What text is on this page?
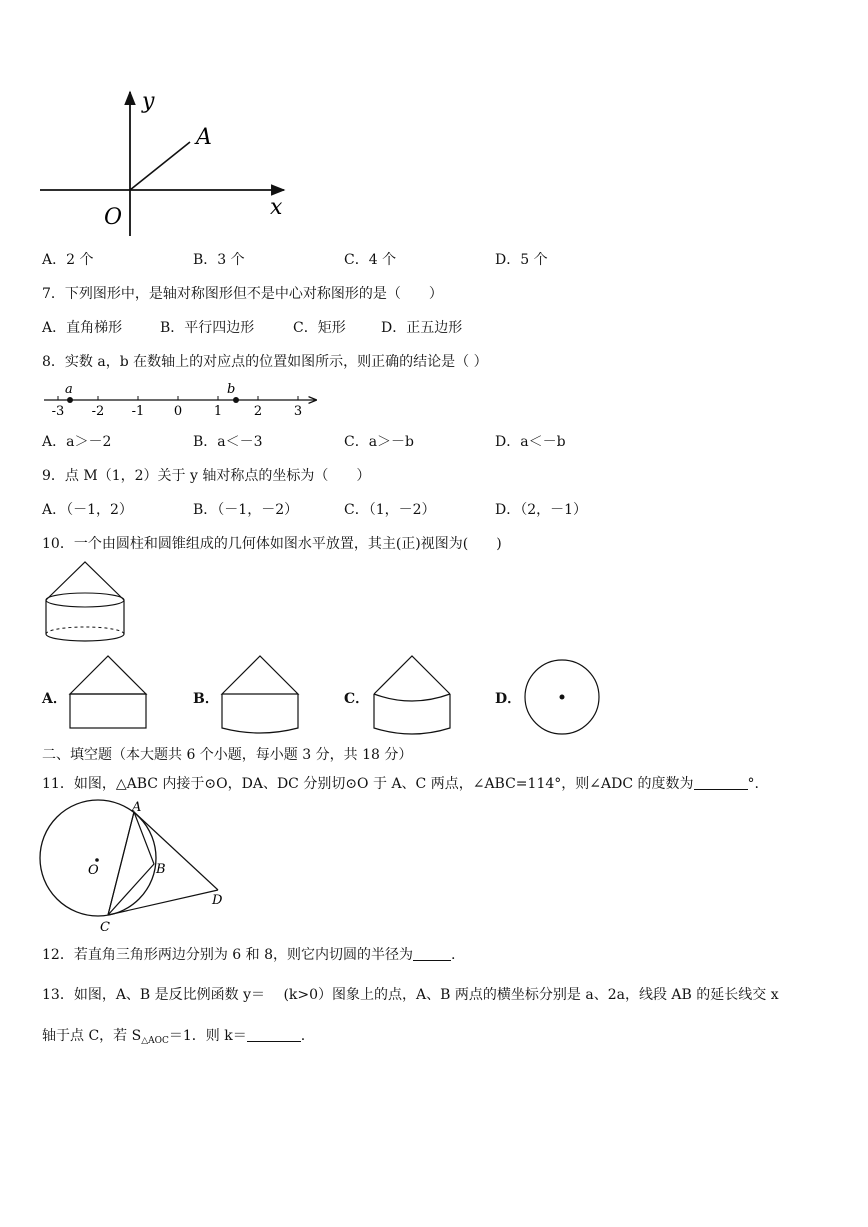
y
x
O
A
A．2 个	B．3 个	C．4 个	D．5 个
7．下列图形中，是轴对称图形但不是中心对称图形的是（　　）
A．直角梯形	B．平行四边形	C．矩形	D．正五边形
8．实数 a，b 在数轴上的对应点的位置如图所示，则正确的结论是（ ）
-3 -2 -1 0 1 2 3
a	b
A．a＞－2	B．a＜－3	C．a＞－b	D．a＜－b
9．点 M（1，2）关于 y 轴对称点的坐标为（　　）
A．（－1，2）	B．（－1，－2）	C．（1，－2）	D．（2，－1）
10．一个由圆柱和圆锥组成的几何体如图水平放置，其主(正)视图为(　　)
A．	B．	C．	D．
二、填空题（本大题共 6 个小题，每小题 3 分，共 18 分）
11．如图，△ABC 内接于⊙O，DA、DC 分别切⊙O 于 A、C 两点，∠ABC=114°，则∠ADC 的度数为	°.
A
B
C
D
O
12．若直角三角形两边分别为 6 和 8，则它内切圆的半径为	.
13．如图，A、B 是反比例函数 y＝　 (k>0）图象上的点，A、B 两点的横坐标分别是 a、2a，线段 AB 的延长线交 x
轴于点 C，若 $S_{\triangle AOC}=1$．则 k＝	.
